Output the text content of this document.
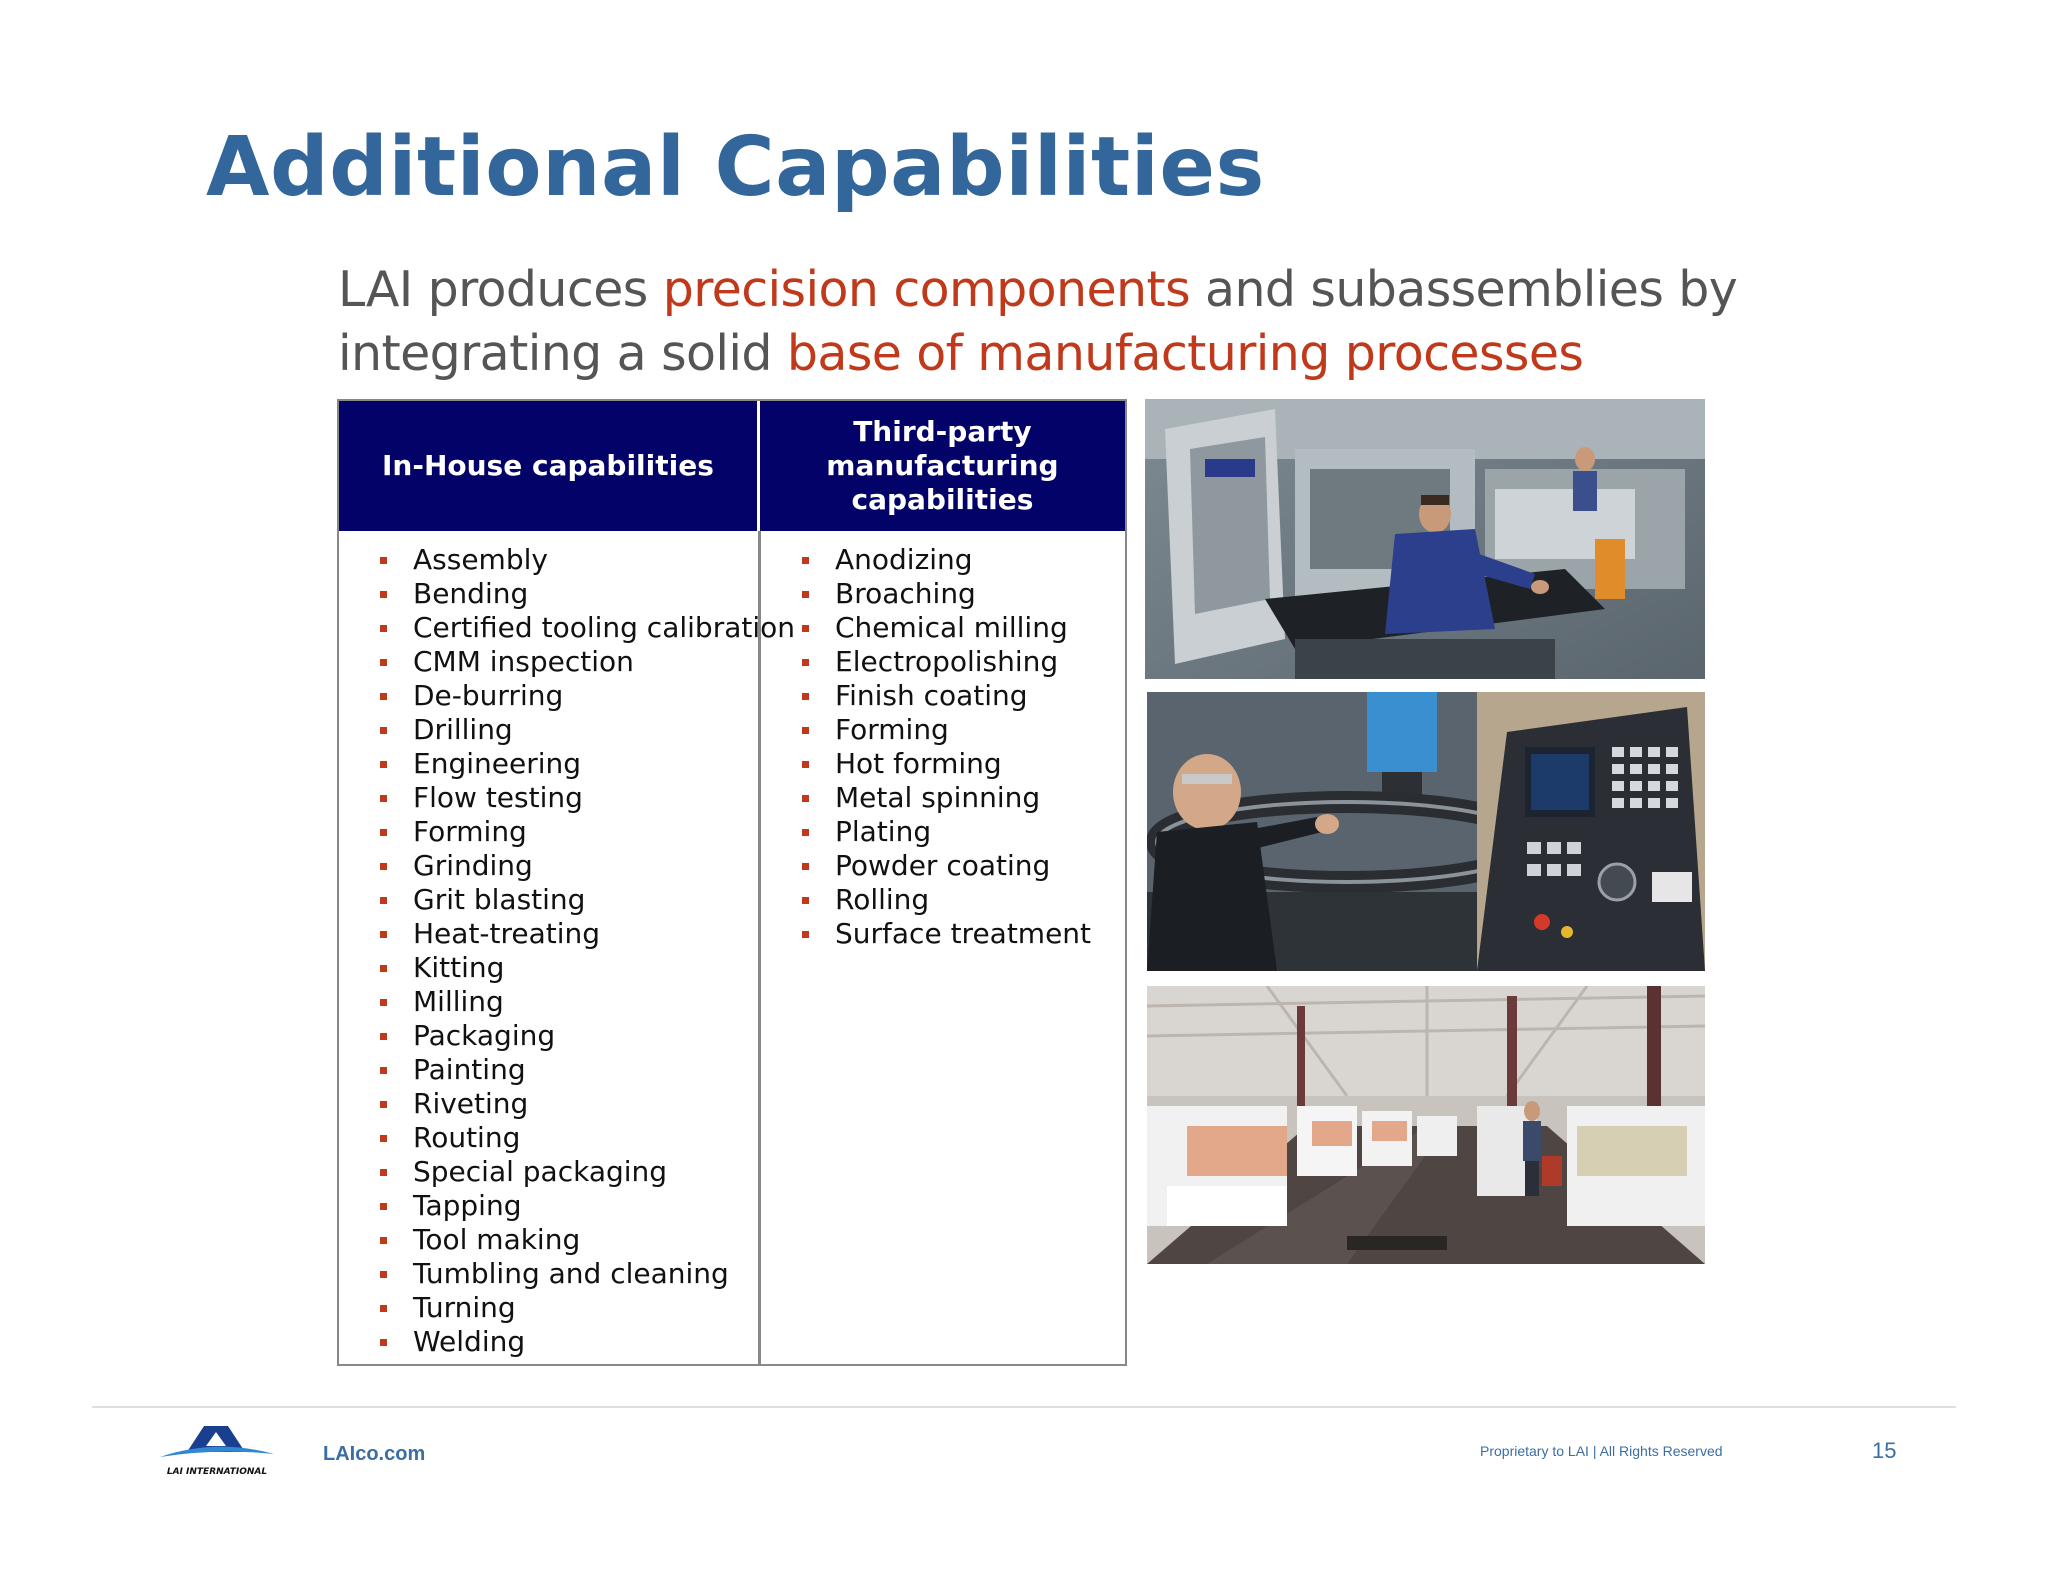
Additional Capabilities

LAI produces precision components and subassemblies by
integrating a solid base of manufacturing processes

In-House capabilities
Third-party manufacturing capabilities
Assembly
Bending
Certified tooling calibration
CMM inspection
De-burring
Drilling
Engineering
Flow testing
Forming
Grinding
Grit blasting
Heat-treating
Kitting
Milling
Packaging
Painting
Riveting
Routing
Special packaging
Tapping
Tool making
Tumbling and cleaning
Turning
Welding
Anodizing
Broaching
Chemical milling
Electropolishing
Finish coating
Forming
Hot forming
Metal spinning
Plating
Powder coating
Rolling
Surface treatment
LAI INTERNATIONAL
LAIco.com	Proprietary to LAI | All Rights Reserved	15
